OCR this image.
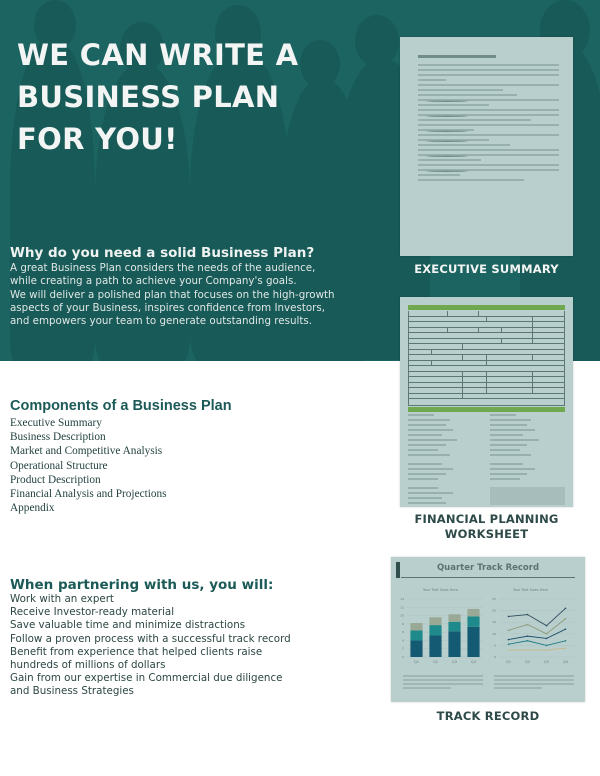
WE CAN WRITE A
BUSINESS PLAN
FOR YOU!
Why do you need a solid Business Plan?

A great Business Plan considers the needs of the audience,

while creating a path to achieve your Company's goals.

We will deliver a polished plan that focuses on the high-growth

aspects of your Business, inspires confidence from Investors,

and empowers your team to generate outstanding results.

EXECUTIVE SUMMARY
FINANCIAL PLANNING
WORKSHEET
Components of a Business Plan
Executive Summary
Business Description
Market and Competitive Analysis
Operational Structure
Product Description
Financial Analysis and Projections
Appendix
When partnering with us, you will:
Work with an expert
Receive Investor-ready material
Save valuable time and minimize distractions
Follow a proven process with a successful track record
Benefit from experience that helped clients raise
hundreds of millions of dollars
Gain from our expertise in Commercial due diligence
and Business Strategies
Quarter Track Record
Your Text Goes Here	Your Text Goes Here
0
2
4
6
8
10
12
14
Q1	Q2	Q3	Q4
0
5
10
15
20
25
Q1	Q2	Q3	Q4
TRACK RECORD
